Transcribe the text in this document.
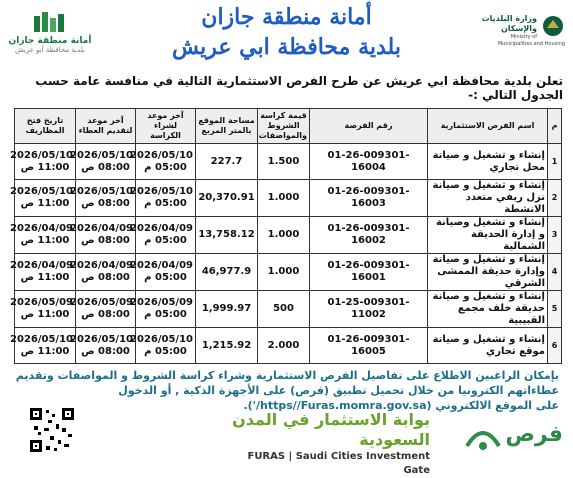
أمانة منطقة جازان
بلدية محافظة أبو عريش
أمانة منطقة جازان
بلدية محافظة ابي عريش
وزارة البلديات والإسكان
Ministry of Municipalities and Housing
تعلن بلدية محافظة ابي عريش عن طرح الفرص الاستثمارية التالية في منافسة عامة حسب الجدول التالي :-
م	اسم الفرص الاستثمارية	رقم الفرصة	قيمة كراسة الشروط والمواصفات	مساحة الموقع بالمتر المربع	آخر موعد لشراء الكراسة	آخر موعد لتقديم العطاء	تاريخ فتح المظاريف
1	إنشاء و تشغيل و صيانة محل تجاري	01-26-009301-16004	1.500	227.7	2026/05/10 05:00 م	2026/05/10 08:00 ص	2026/05/10 11:00 ص
2	إنشاء و تشغيل و صيانة نزل ريفي متعدد الانشطة	01-26-009301-16003	1.000	20,370.91	2026/05/10 05:00 م	2026/05/10 08:00 ص	2026/05/10 11:00 ص
3	إنشاء و تشغيل وصيانة و إدارة الحديقة الشمالية	01-26-009301-16002	1.000	13,758.12	2026/04/09 05:00 م	2026/04/09 08:00 ص	2026/04/09 11:00 ص
4	إنشاء و تشغيل و صيانة وإدارة حديقة الممشى الشرقي	01-26-009301-16001	1.000	46,977.9	2026/04/09 05:00 م	2026/04/09 08:00 ص	2026/04/09 11:00 ص
5	إنشاء و تشغيل و صيانة حديقة خلف مجمع القبيبية	01-25-009301-11002	500	1,999.97	2026/05/09 05:00 م	2026/05/09 08:00 ص	2026/05/09 11:00 ص
6	إنشاء و تشغيل و صيانة موقع تجاري	01-26-009301-16005	2.000	1,215.92	2026/05/10 05:00 م	2026/05/10 08:00 ص	2026/05/10 11:00 ص
بإمكان الراغبين الاطلاع على تفاصيل الفرص الاستثمارية وشراء كراسة الشروط و المواصفات وتقديم
عطاءاتهم الكترونيا من خلال تحميل تطبيق (فرص) على الأجهزة الذكية , أو الدخول
على الموقع الالكتروني (https//Furas.momra.gov.sa/').
بوابة الاستثمار في المدن السعودية
FURAS | Saudi Cities Investment Gate
فرص
